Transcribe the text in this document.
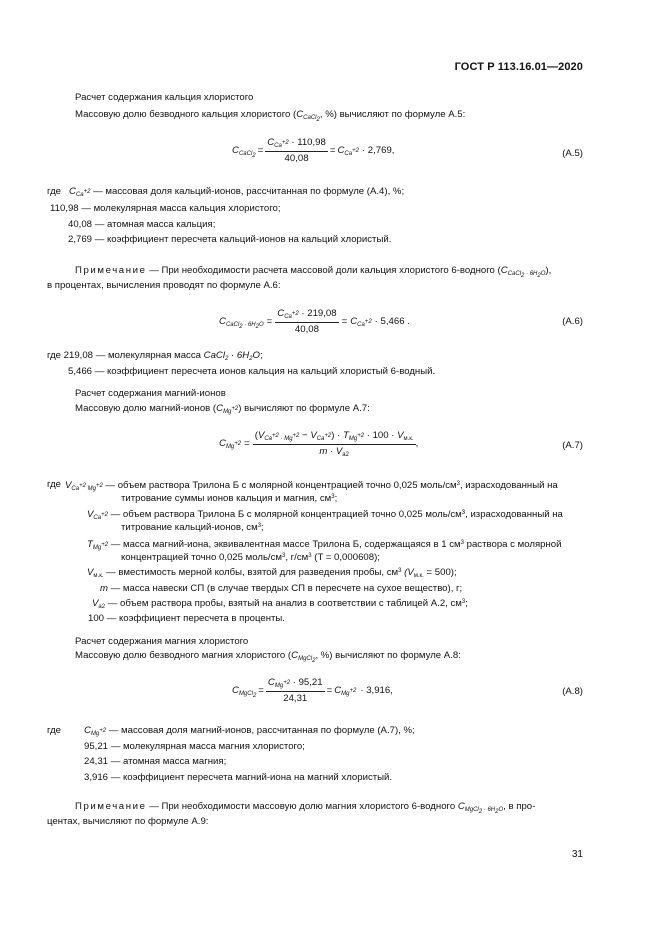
ГОСТ Р 113.16.01—2020
Расчет содержания кальция хлористого
Массовую долю безводного кальция хлористого ($C_{CaCl_2}$, %) вычисляют по формуле А.5:
$C_{CaCl_2} = \frac{C_{Ca^{+2}} \cdot 110,98}{40,08} = C_{Ca^{+2}} \cdot 2,769$,	(А.5)
где $C_{Ca^{+2}}$ — массовая доля кальций-ионов, рассчитанная по формуле (А.4), %;
110,98 — молекулярная масса кальция хлористого;
40,08 — атомная масса кальция;
2,769 — коэффициент пересчета кальций-ионов на кальций хлористый.
Примечание — При необходимости расчета массовой доли кальция хлористого 6-водного $(C_{CaCl_2 \cdot 6H_2O})$,
в процентах, вычисления проводят по формуле А.6:
$C_{CaCl_2 \cdot 6H_2O} = \frac{C_{Ca^{+2}} \cdot 219,08}{40,08} = C_{Ca^{+2}} \cdot 5,466$ .	(А.6)
где 219,08 — молекулярная масса CaCl$_2$ · $6H_2O$;
5,466 — коэффициент пересчета ионов кальция на кальций хлористый 6-водный.
Расчет содержания магний-ионов
Массовую долю магний-ионов $(C_{Mg^{+2}})$ вычисляют по формуле А.7:
$C_{Mg^{+2}} = \frac{(V_{Ca^{+2} \cdot Mg^{+2}} - V_{Ca^{+2}}) \cdot T_{Mg^{+2}} \cdot 100 \cdot V_{м.к.}}{m \cdot V_{a2}}$ ,	(А.7)
где $V_{Ca^{+2} Mg^{+2}}$ — объем раствора Трилона Б с молярной концентрацией точно 0,025 моль/$см^3$, израсходованный на
титрование суммы ионов кальция и магния, $см^3$;
$V_{Ca^{+2}}$ — объем раствора Трилона Б с молярной концентрацией точно 0,025 моль/$см^3$, израсходованный на
титрование кальций-ионов, $см^3$;
$T_{Mg^{+2}}$ — масса магний-иона, эквивалентная массе Трилона Б, содержащаяся в 1 $см^3$ раствора с молярной
концентрацией точно 0,025 моль/$см^3$, $г/см^3$ (T = 0,000608);
$V_{м.к.}$ — вместимость мерной колбы, взятой для разведения пробы, $см^3$ $(V_{м.к.} = 500)$;
m — масса навески СП (в случае твердых СП в пересчете на сухое вещество), г;
$V_{a2}$ — объем раствора пробы, взятый на анализ в соответствии с таблицей А.2, $см^3$;
100 — коэффициент пересчета в проценты.
Расчет содержания магния хлористого
Массовую долю безводного магния хлористого ($C_{MgCl_2}$, %) вычисляют по формуле А.8:
$C_{MgCl_2} = \frac{C_{Mg^{+2}} \cdot 95,21}{24,31} = C_{Mg^{+2}} \cdot 3,916$,	(А.8)
где $C_{Mg^{+2}}$ — массовая доля магний-ионов, рассчитанная по формуле (А.7), %;
95,21 — молекулярная масса магния хлористого;
24,31 — атомная масса магния;
3,916 — коэффициент пересчета магний-иона на магний хлористый.
Примечание — При необходимости массовую долю магния хлористого 6-водного $C_{MgCl_2 \cdot 6H_2O}$, в про-
центах, вычисляют по формуле А.9:
31
